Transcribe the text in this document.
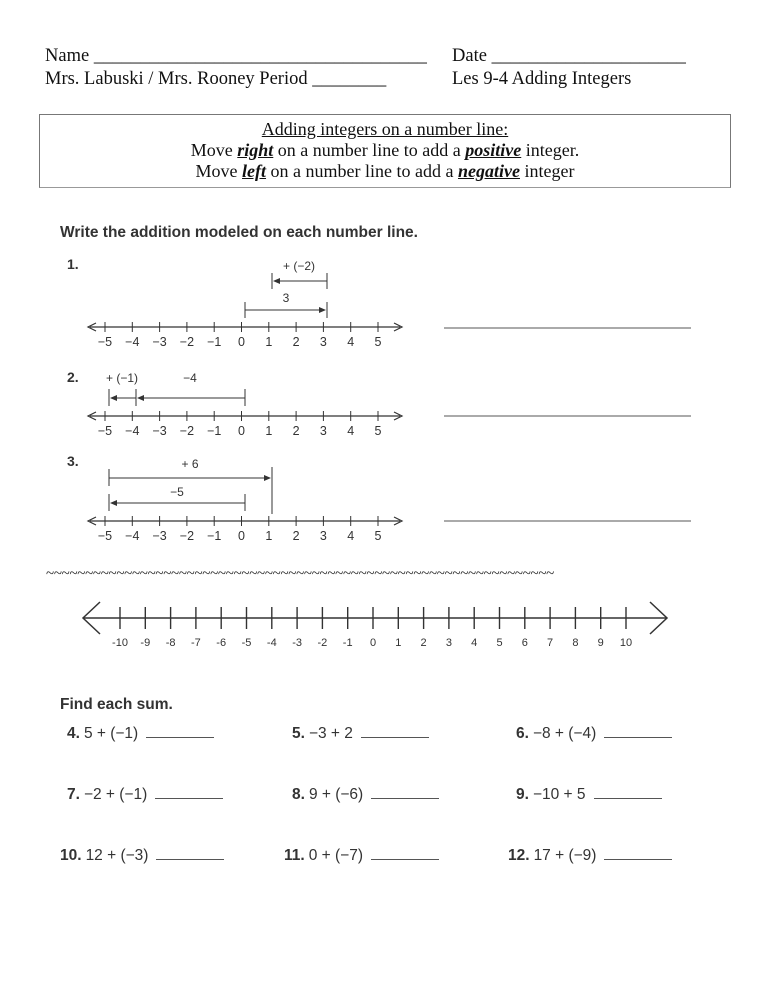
Name ____________________________________ Date _____________________
Mrs. Labuski / Mrs. Rooney Period ________	Les 9-4 Adding Integers
Adding integers on a number line:
Move right on a number line to add a positive integer.
Move left on a number line to add a negative integer
Write the addition modeled on each number line.
1.
2.
3.
−5 −4 −3 −2 −1 0 1 2 3 4 5
3
+ (−2)
−5 −4 −3 −2 −1 0 1 2 3 4 5
−4
+ (−1)
−5 −4 −3 −2 −1 0 1 2 3 4 5
+ 6
−5
~~~~~~~~~~~~~~~~~~~~~~~~~~~~~~~~~~~~~~~~~~~~~~~~~~~~~~~~~~~~~~~~~
-10 -9 -8 -7 -6 -5 -4 -3 -2 -1 0 1 2 3 4 5 6 7 8 9 10
Find each sum.
4. 5 + (−1)	5. −3 + 2	6. −8 + (−4)
7. −2 + (−1)	8. 9 + (−6)	9. −10 + 5
10. 12 + (−3)	11. 0 + (−7)	12. 17 + (−9)
